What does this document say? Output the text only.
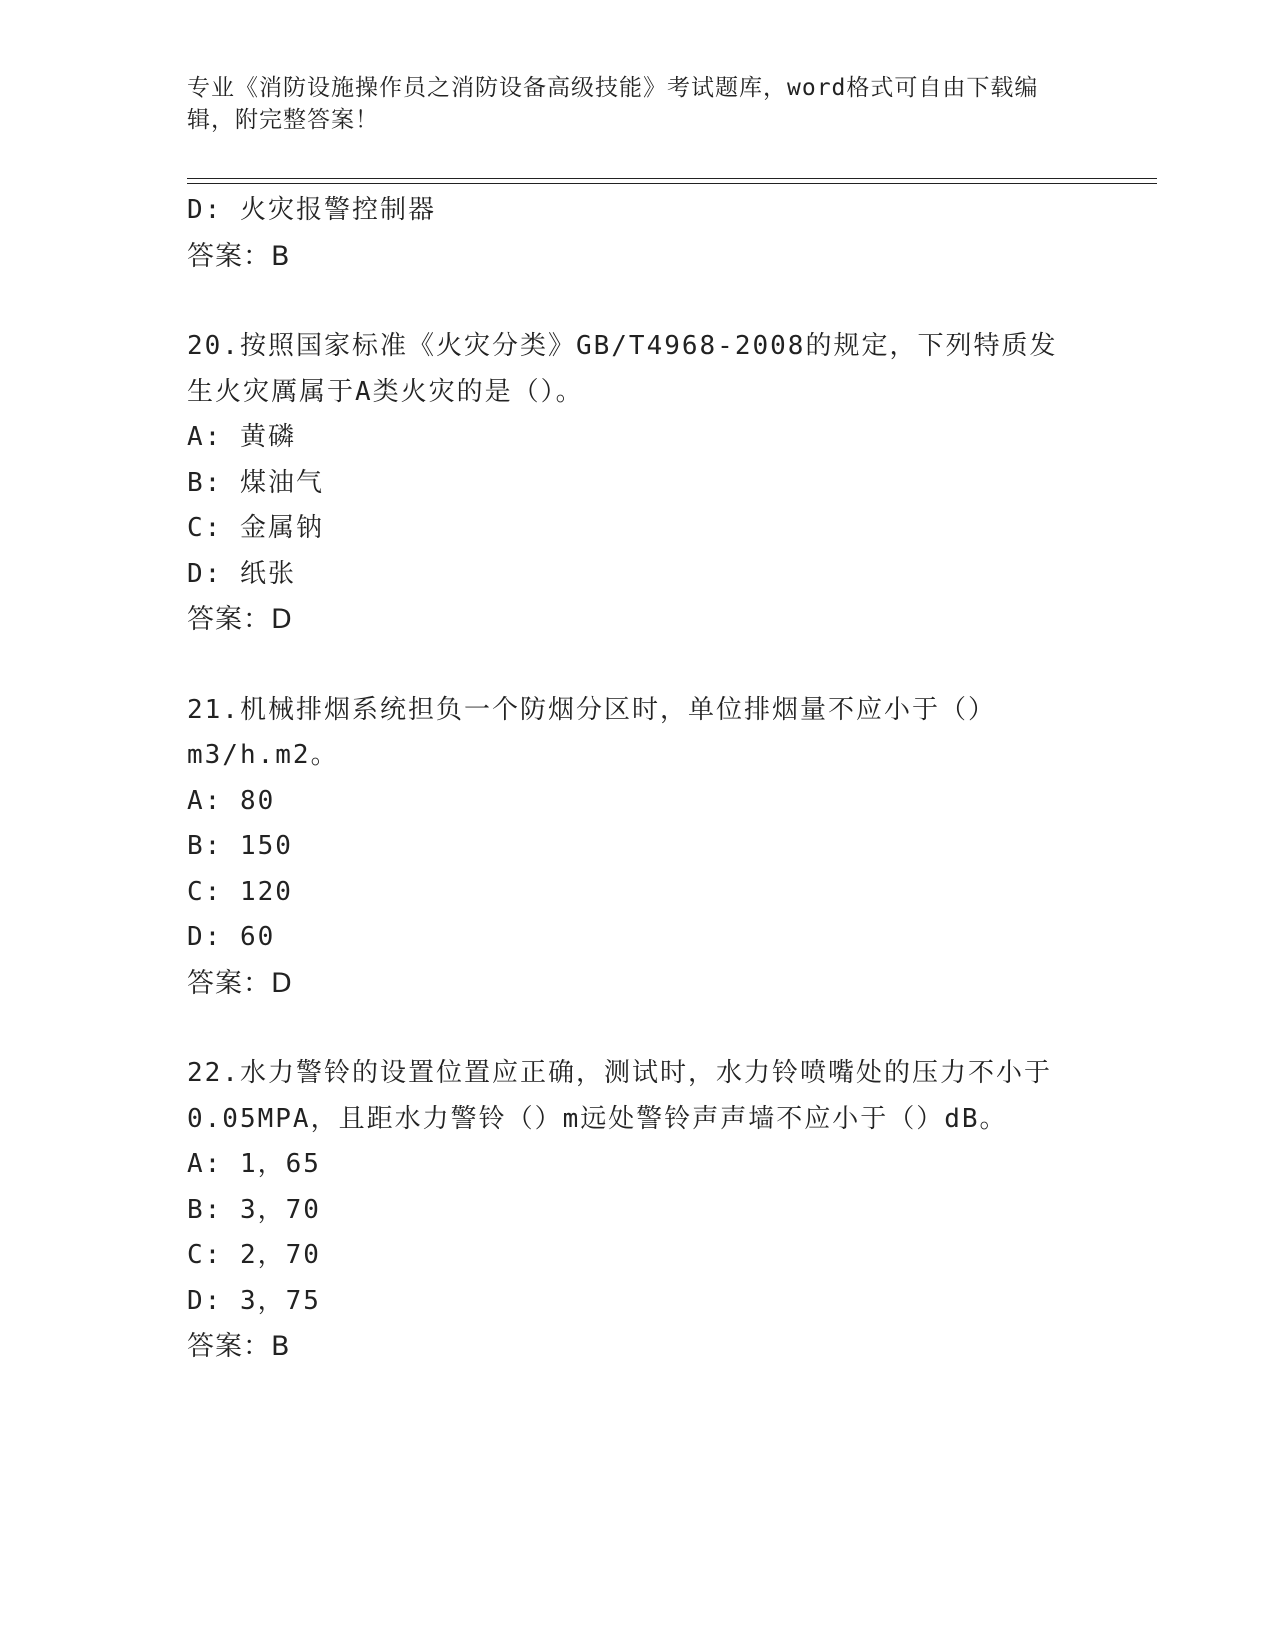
专业《消防设施操作员之消防设备高级技能》考试题库，word格式可自由下载编辑，附完整答案！
D: 火灾报警控制器
答案：B
20.按照国家标准《火灾分类》GB/T4968-2008的规定，下列特质发生火灾厲属于A类火灾的是（）。
A: 黄磷
B: 煤油气
C: 金属钠
D: 纸张
答案：D
21.机械排烟系统担负一个防烟分区时，单位排烟量不应小于（）m3/h.m2。
A: 80
B: 150
C: 120
D: 60
答案：D
22.水力警铃的设置位置应正确，测试时，水力铃喷嘴处的压力不小于0.05MPA，且距水力警铃（）m远处警铃声声墙不应小于（）dB。
A: 1，65
B: 3，70
C: 2，70
D: 3，75
答案：B
